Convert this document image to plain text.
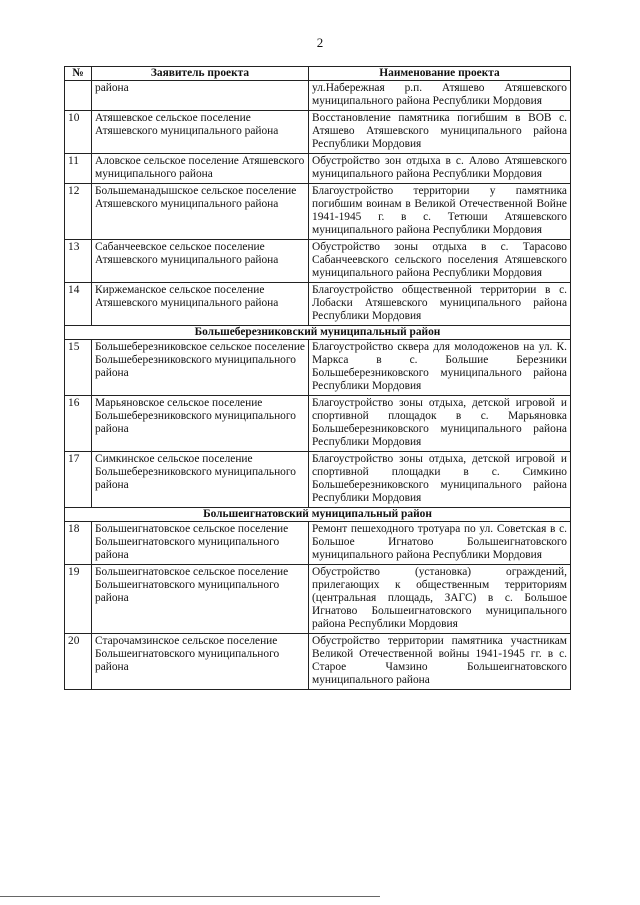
2
№	Заявитель проекта	Наименование проекта
	района	ул.Набережная р.п. Атяшево Атяшевского муниципального района Республики Мордовия
10	Атяшевское сельское поселение Атяшевского муниципального района	Восстановление памятника погибшим в ВОВ с. Атяшево Атяшевского муниципального района Республики Мордовия
11	Аловское сельское поселение Атяшевского муниципального района	Обустройство зон отдыха в с. Алово Атяшевского муниципального района Республики Мордовия
12	Большеманадышское сельское поселение Атяшевского муниципального района	Благоустройство территории у памятника погибшим воинам в Великой Отечественной Войне 1941-1945 г. в с. Тетюши Атяшевского муниципального района Республики Мордовия
13	Сабанчеевское сельское поселение Атяшевского муниципального района	Обустройство зоны отдыха в с. Тарасово Сабанчеевского сельского поселения Атяшевского муниципального района Республики Мордовия
14	Киржеманское сельское поселение Атяшевского муниципального района	Благоустройство общественной территории в с. Лобаски Атяшевского муниципального района Республики Мордовия
Большеберезниковский муниципальный район		
15	Большеберезниковское сельское поселение Большеберезниковского муниципального района	Благоустройство сквера для молодоженов на ул. К. Маркса в с. Большие Березники Большеберезниковского муниципального района Республики Мордовия
16	Марьяновское сельское поселение Большеберезниковского муниципального района	Благоустройство зоны отдыха, детской игровой и спортивной площадок в с. Марьяновка Большеберезниковского муниципального района Республики Мордовия
17	Симкинское сельское поселение Большеберезниковского муниципального района	Благоустройство зоны отдыха, детской игровой и спортивной площадки в с. Симкино Большеберезниковского муниципального района Республики Мордовия
Большеигнатовский муниципальный район		
18	Большеигнатовское сельское поселение Большеигнатовского муниципального района	Ремонт пешеходного тротуара по ул. Советская в с. Большое Игнатово Большеигнатовского муниципального района Республики Мордовия
19	Большеигнатовское сельское поселение Большеигнатовского муниципального района	Обустройство (установка) ограждений, прилегающих к общественным территориям (центральная площадь, ЗАГС) в с. Большое Игнатово Большеигнатовского муниципального района Республики Мордовия
20	Старочамзинское сельское поселение Большеигнатовского муниципального района	Обустройство территории памятника участникам Великой Отечественной войны 1941-1945 гг. в с. Старое Чамзино Большеигнатовского муниципального района
